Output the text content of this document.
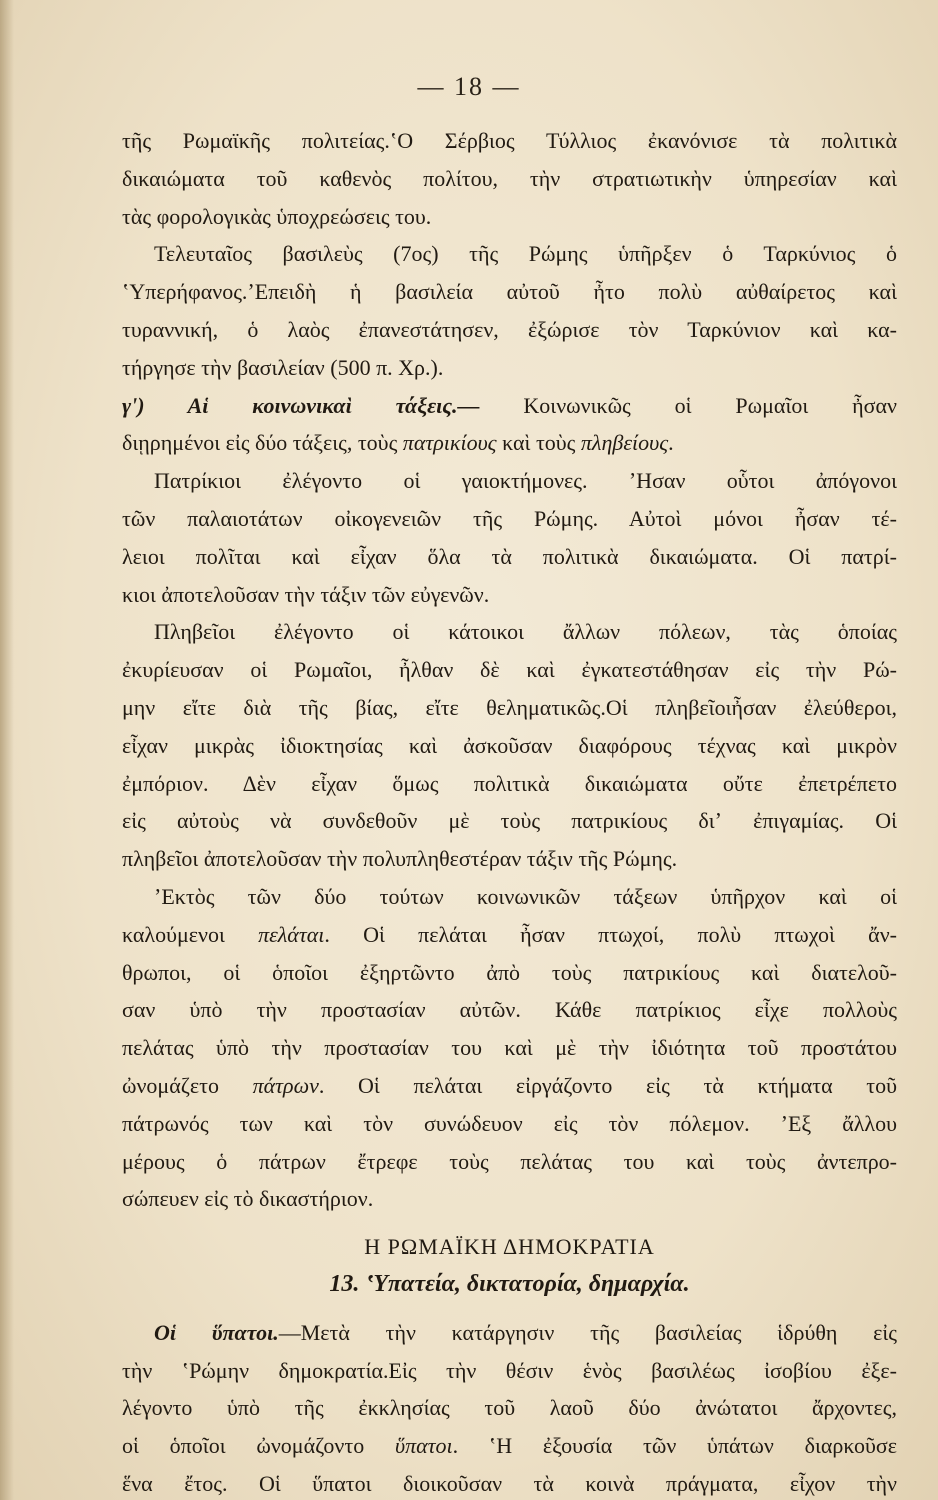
— 18 —
τῆς Ρωμαϊκῆς πολιτείας.ʽΟ Σέρβιος Τύλλιος ἐκανόνισε τὰ πολιτικὰ
δικαιώματα τοῦ καθενὸς πολίτου, τὴν στρατιωτικὴν ὑπηρεσίαν καὶ
τὰς φορολογικὰς ὑποχρεώσεις του.
Τελευταῖος βασιλεὺς (7ος) τῆς Ρώμης ὑπῆρξεν ὁ Ταρκύνιος ὁ
ʽΥπερήφανος.ʼΕπειδὴ ἡ βασιλεία αὐτοῦ ἦτο πολὺ αὐθαίρετος καὶ
τυραννική, ὁ λαὸς ἐπανεστάτησεν, ἐξώρισε τὸν Ταρκύνιον καὶ κα-
τήργησε τὴν βασιλείαν (500 π. Χρ.).
γʹ) Αἱ κοινωνικαὶ τάξεις.— Κοινωνικῶς οἱ Ρωμαῖοι ἦσαν
διῃρημένοι εἰς δύο τάξεις, τοὺς πατρικίους καὶ τοὺς πληβείους.
Πατρίκιοι ἐλέγοντο οἱ γαιοκτήμονες. ʼΗσαν οὗτοι ἀπόγονοι
τῶν παλαιοτάτων οἰκογενειῶν τῆς Ρώμης. Αὐτοὶ μόνοι ἦσαν τέ-
λειοι πολῖται καὶ εἶχαν ὅλα τὰ πολιτικὰ δικαιώματα. Οἱ πατρί-
κιοι ἀποτελοῦσαν τὴν τάξιν τῶν εὐγενῶν.
Πληβεῖοι ἐλέγοντο οἱ κάτοικοι ἄλλων πόλεων, τὰς ὁποίας
ἐκυρίευσαν οἱ Ρωμαῖοι, ἦλθαν δὲ καὶ ἐγκατεστάθησαν εἰς τὴν Ρώ-
μην εἴτε διὰ τῆς βίας, εἴτε θεληματικῶς.Οἱ πληβεῖοιἦσαν ἐλεύθεροι,
εἶχαν μικρὰς ἰδιοκτησίας καὶ ἀσκοῦσαν διαφόρους τέχνας καὶ μικρὸν
ἐμπόριον. Δὲν εἶχαν ὅμως πολιτικὰ δικαιώματα οὔτε ἐπετρέπετο
εἰς αὐτοὺς νὰ συνδεθοῦν μὲ τοὺς πατρικίους διʼ ἐπιγαμίας. Οἱ
πληβεῖοι ἀποτελοῦσαν τὴν πολυπληθεστέραν τάξιν τῆς Ρώμης.
ʼΕκτὸς τῶν δύο τούτων κοινωνικῶν τάξεων ὑπῆρχον καὶ οἱ
καλούμενοι πελάται. Οἱ πελάται ἦσαν πτωχοί, πολὺ πτωχοὶ ἄν-
θρωποι, οἱ ὁποῖοι ἐξηρτῶντο ἀπὸ τοὺς πατρικίους καὶ διατελοῦ-
σαν ὑπὸ τὴν προστασίαν αὐτῶν. Κάθε πατρίκιος εἶχε πολλοὺς
πελάτας ὑπὸ τὴν προστασίαν του καὶ μὲ τὴν ἰδιότητα τοῦ προστάτου
ὠνομάζετο πάτρων. Οἱ πελάται εἰργάζοντο εἰς τὰ κτήματα τοῦ
πάτρωνός των καὶ τὸν συνώδευον εἰς τὸν πόλεμον. ʼΕξ ἄλλου
μέρους ὁ πάτρων ἔτρεφε τοὺς πελάτας του καὶ τοὺς ἀντεπρο-
σώπευεν εἰς τὸ δικαστήριον.
Η ΡΩΜΑΪΚΗ ΔΗΜΟΚΡΑΤΙΑ
13. ʽΥπατεία, δικτατορία, δημαρχία.
Οἱ ὕπατοι.—Μετὰ τὴν κατάργησιν τῆς βασιλείας ἱδρύθη εἰς
τὴν ʽΡώμην δημοκρατία.Εἰς τὴν θέσιν ἑνὸς βασιλέως ἰσοβίου ἐξε-
λέγοντο ὑπὸ τῆς ἐκκλησίας τοῦ λαοῦ δύο ἀνώτατοι ἄρχοντες,
οἱ ὁποῖοι ὠνομάζοντο ὕπατοι. ʽΗ ἐξουσία τῶν ὑπάτων διαρκοῦσε
ἕνα ἔτος. Οἱ ὕπατοι διοικοῦσαν τὰ κοινὰ πράγματα, εἶχον τὴν
